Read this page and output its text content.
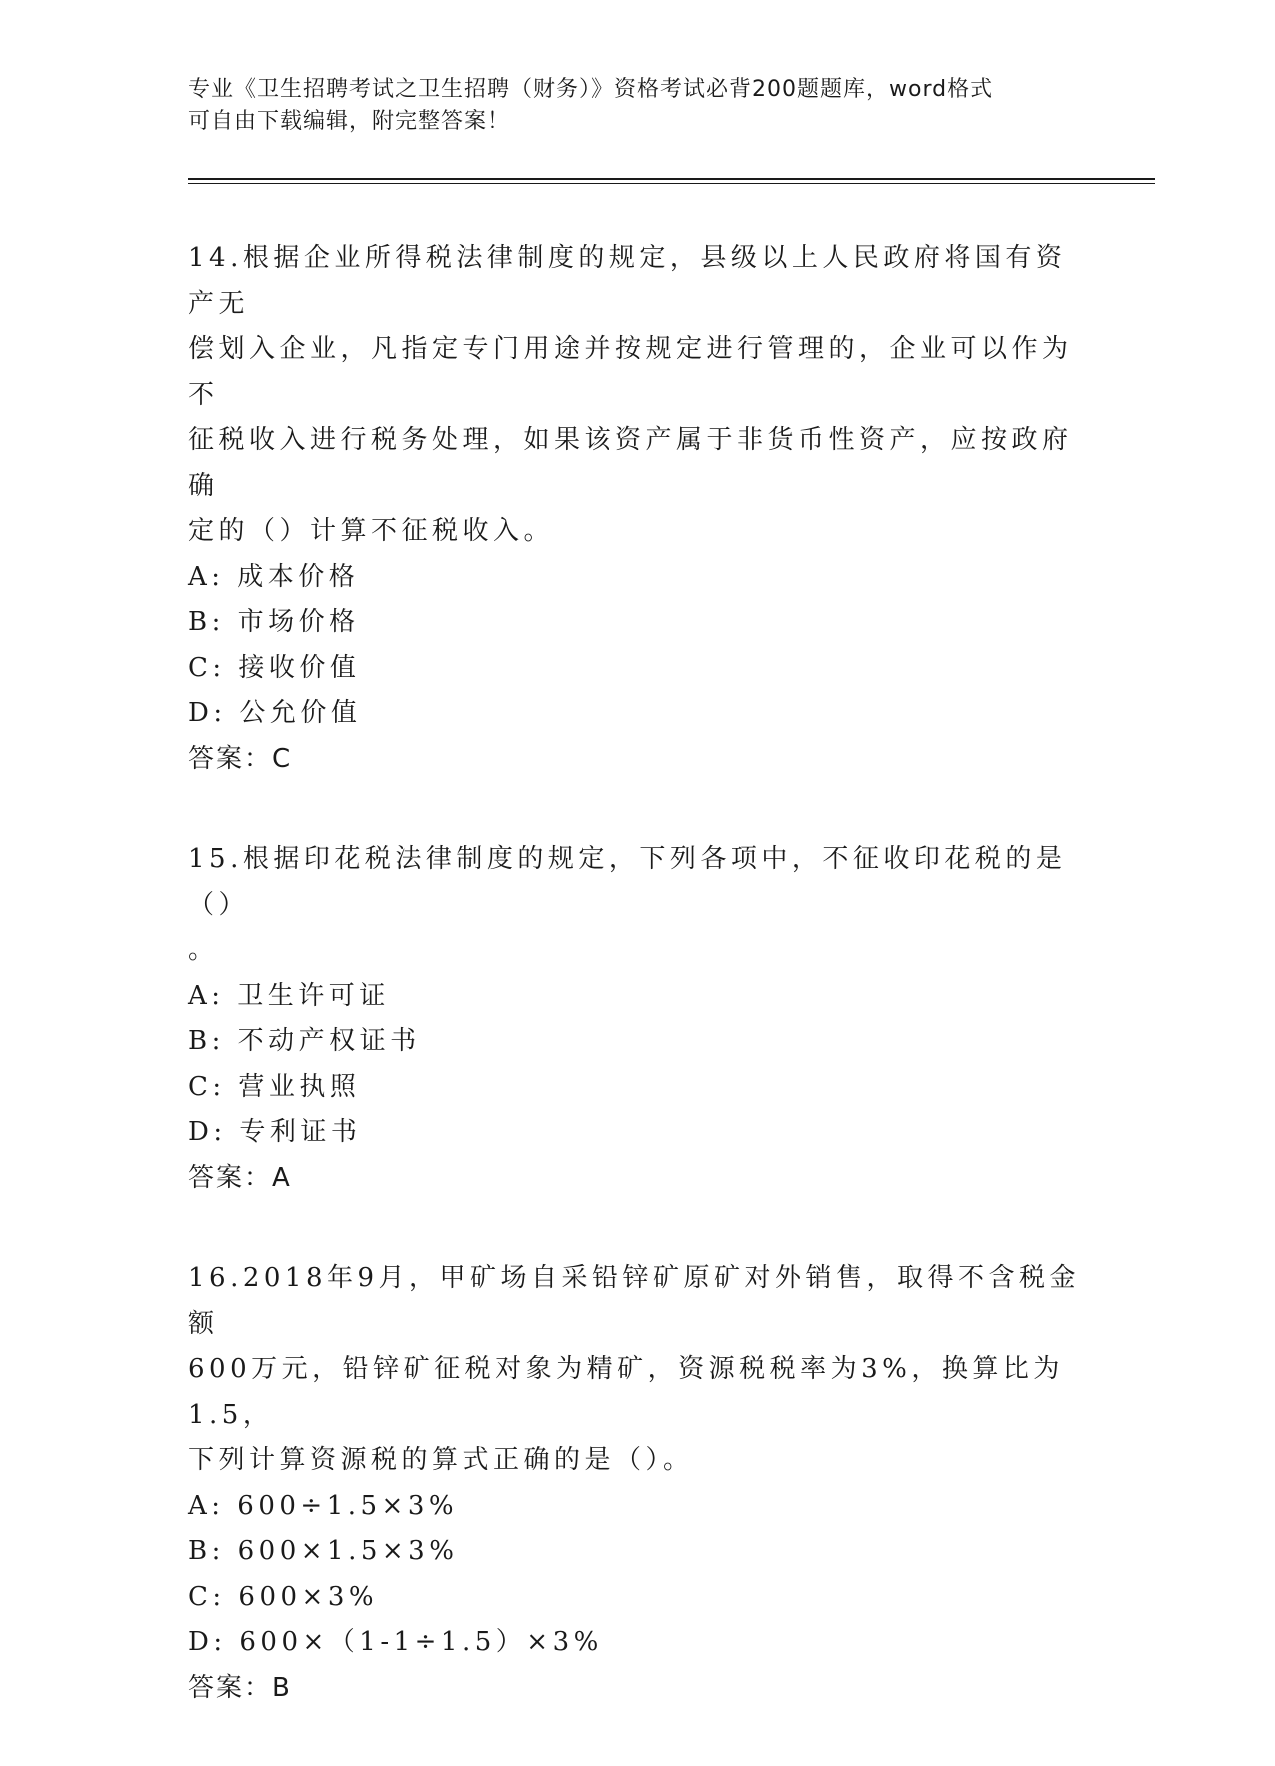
专业《卫生招聘考试之卫生招聘（财务）》资格考试必背200题题库，word格式
可自由下载编辑，附完整答案！
14.根据企业所得税法律制度的规定，县级以上人民政府将国有资产无
偿划入企业，凡指定专门用途并按规定进行管理的，企业可以作为不
征税收入进行税务处理，如果该资产属于非货币性资产，应按政府确
定的（）计算不征税收入。
A: 成本价格
B: 市场价格
C: 接收价值
D: 公允价值
答案：C
15.根据印花税法律制度的规定，下列各项中，不征收印花税的是（）
。
A: 卫生许可证
B: 不动产权证书
C: 营业执照
D: 专利证书
答案：A
16.2018年9月，甲矿场自采铅锌矿原矿对外销售，取得不含税金额
600万元，铅锌矿征税对象为精矿，资源税税率为3%，换算比为1.5，
下列计算资源税的算式正确的是（）。
A: 600÷1.5×3%
B: 600×1.5×3%
C: 600×3%
D: 600×（1-1÷1.5）×3%
答案：B
